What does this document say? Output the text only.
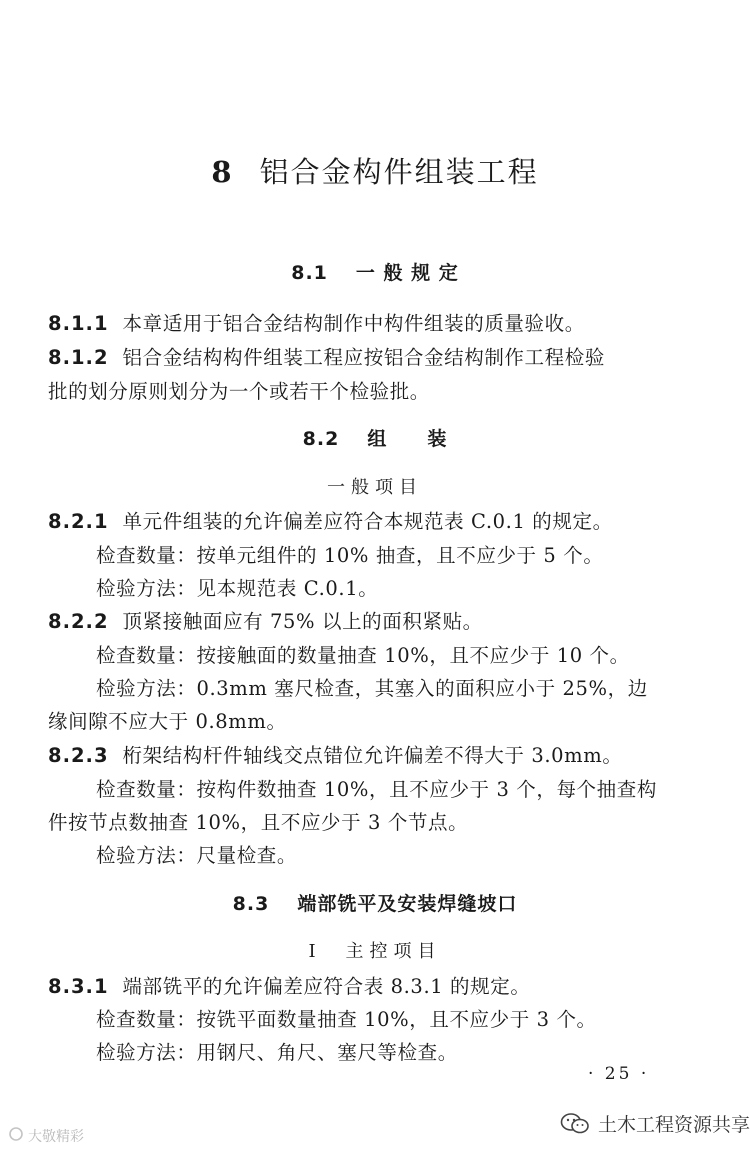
8 铝合金构件组装工程
8.1 一 般 规 定
8.1.1 本章适用于铝合金结构制作中构件组装的质量验收。
8.1.2 铝合金结构构件组装工程应按铝合金结构制作工程检验
批的划分原则划分为一个或若干个检验批。
8.2 组　　装
一般项目
8.2.1 单元件组装的允许偏差应符合本规范表 C.0.1 的规定。
检查数量：按单元组件的 10% 抽查，且不应少于 5 个。
检验方法：见本规范表 C.0.1。
8.2.2 顶紧接触面应有 75% 以上的面积紧贴。
检查数量：按接触面的数量抽查 10%，且不应少于 10 个。
检验方法：0.3mm 塞尺检查，其塞入的面积应小于 25%，边
缘间隙不应大于 0.8mm。
8.2.3 桁架结构杆件轴线交点错位允许偏差不得大于 3.0mm。
检查数量：按构件数抽查 10%，且不应少于 3 个，每个抽查构
件按节点数抽查 10%，且不应少于 3 个节点。
检验方法：尺量检查。
8.3 端部铣平及安装焊缝坡口
Ⅰ　主控项目
8.3.1 端部铣平的允许偏差应符合表 8.3.1 的规定。
检查数量：按铣平面数量抽查 10%，且不应少于 3 个。
检验方法：用钢尺、角尺、塞尺等检查。
· 25 ·
大敬精彩
土木工程资源共享
